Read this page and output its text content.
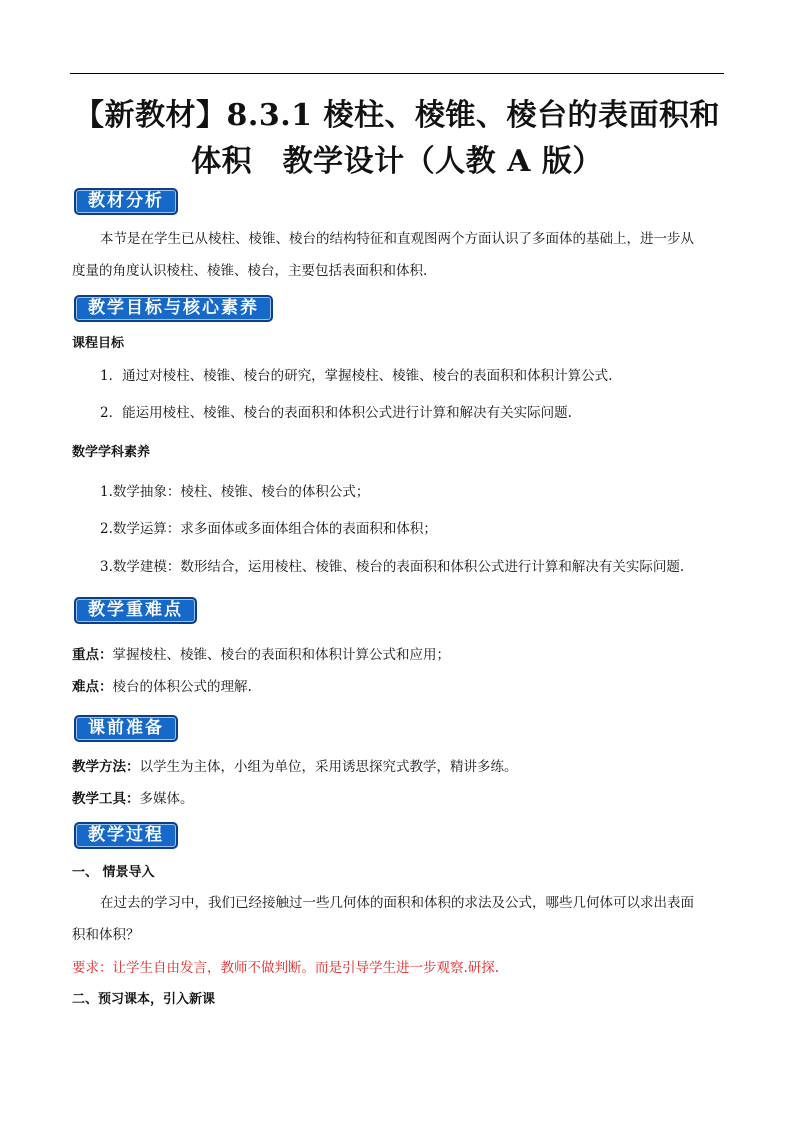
【新教材】8.3.1 棱柱、棱锥、棱台的表面积和
体积　教学设计（人教 A 版）
教材分析
本节是在学生已从棱柱、棱锥、棱台的结构特征和直观图两个方面认识了多面体的基础上，进一步从
度量的角度认识棱柱、棱锥、棱台，主要包括表面积和体积.
教学目标与核心素养
课程目标
1．通过对棱柱、棱锥、棱台的研究，掌握棱柱、棱锥、棱台的表面积和体积计算公式.
2．能运用棱柱、棱锥、棱台的表面积和体积公式进行计算和解决有关实际问题.
数学学科素养
1.数学抽象：棱柱、棱锥、棱台的体积公式；
2.数学运算：求多面体或多面体组合体的表面积和体积；
3.数学建模：数形结合，运用棱柱、棱锥、棱台的表面积和体积公式进行计算和解决有关实际问题.
教学重难点
重点：掌握棱柱、棱锥、棱台的表面积和体积计算公式和应用；
难点：棱台的体积公式的理解.
课前准备
教学方法：以学生为主体，小组为单位，采用诱思探究式教学，精讲多练。
教学工具：多媒体。
教学过程
一、 情景导入
在过去的学习中，我们已经接触过一些几何体的面积和体积的求法及公式，哪些几何体可以求出表面
积和体积？
要求：让学生自由发言，教师不做判断。而是引导学生进一步观察.研探.
二、预习课本，引入新课
